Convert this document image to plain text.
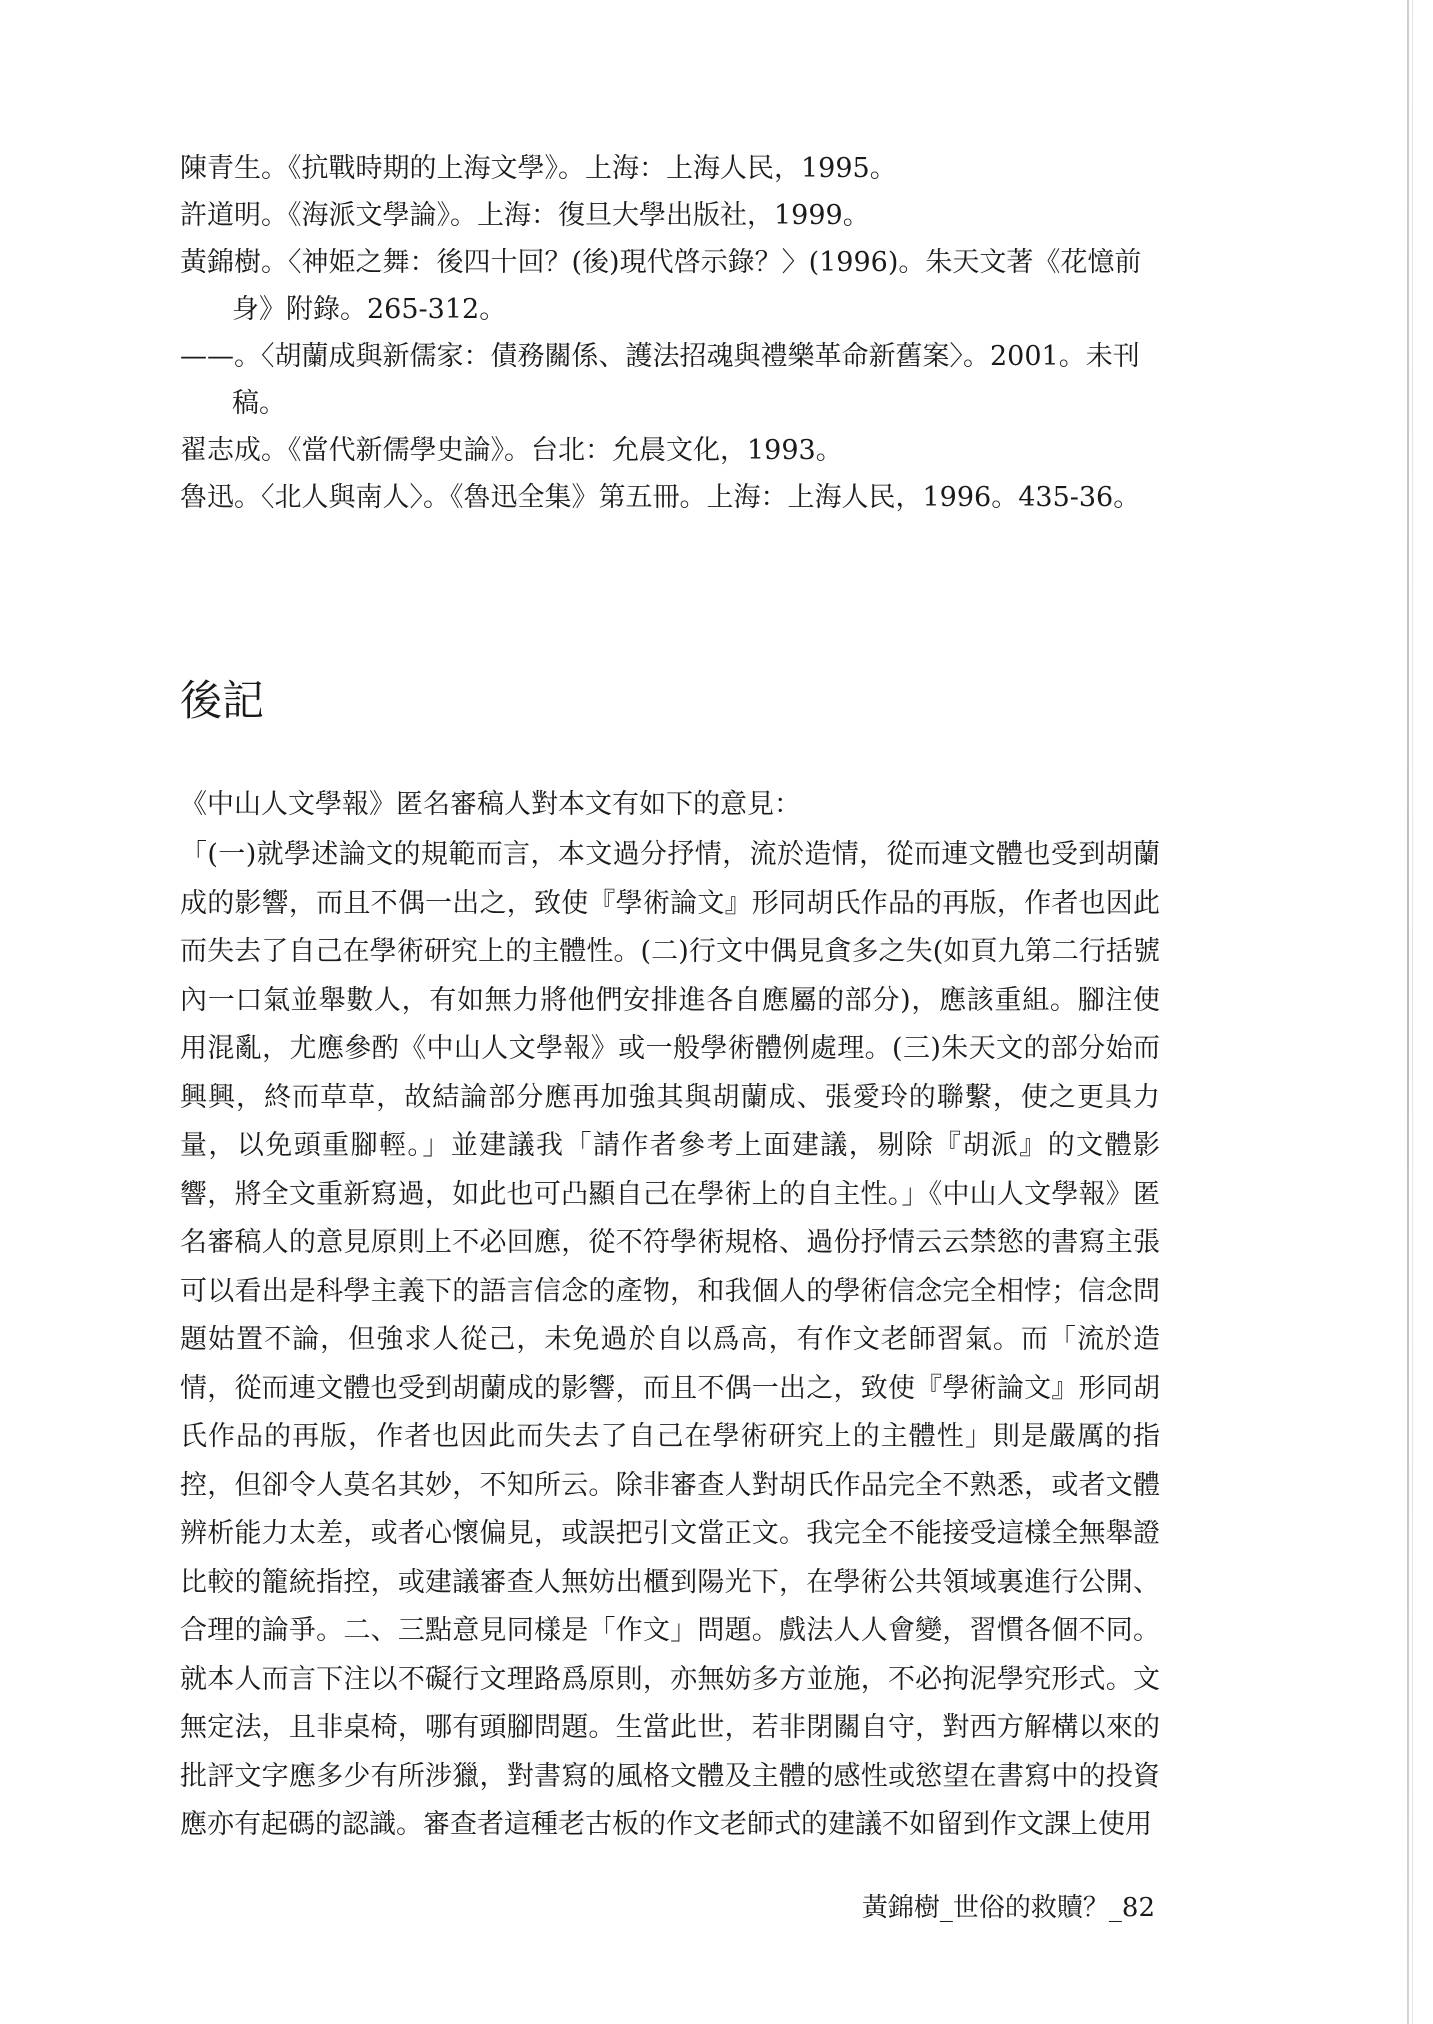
陳青生。《抗戰時期的上海文學》。上海：上海人民，1995。

許道明。《海派文學論》。上海：復旦大學出版社，1999。

黃錦樹。〈神姫之舞：後四十回？(後)現代啓示錄？〉(1996)。朱天文著《花憶前身》附錄。265-312。

——。〈胡蘭成與新儒家：債務關係、護法招魂與禮樂革命新舊案〉。2001。未刊稿。

翟志成。《當代新儒學史論》。台北：允晨文化，1993。

魯迅。〈北人與南人〉。《魯迅全集》第五冊。上海：上海人民，1996。435-36。

後記

《中山人文學報》匿名審稿人對本文有如下的意見：

「(一)就學述論文的規範而言，本文過分抒情，流於造情，從而連文體也受到胡蘭成的影響，而且不偶一出之，致使『學術論文』形同胡氏作品的再版，作者也因此而失去了自己在學術研究上的主體性。(二)行文中偶見貪多之失(如頁九第二行括號內一口氣並舉數人，有如無力將他們安排進各自應屬的部分)，應該重組。腳注使用混亂，尤應參酌《中山人文學報》或一般學術體例處理。(三)朱天文的部分始而興興，終而草草，故結論部分應再加強其與胡蘭成、張愛玲的聯繫，使之更具力量，以免頭重腳輕。」並建議我「請作者參考上面建議，剔除『胡派』的文體影響，將全文重新寫過，如此也可凸顯自己在學術上的自主性。」《中山人文學報》匿名審稿人的意見原則上不必回應，從不符學術規格、過份抒情云云禁慾的書寫主張可以看出是科學主義下的語言信念的產物，和我個人的學術信念完全相悖；信念問題姑置不論，但強求人從己，未免過於自以爲高，有作文老師習氣。而「流於造情，從而連文體也受到胡蘭成的影響，而且不偶一出之，致使『學術論文』形同胡氏作品的再版，作者也因此而失去了自己在學術研究上的主體性」則是嚴厲的指控，但卻令人莫名其妙，不知所云。除非審查人對胡氏作品完全不熟悉，或者文體辨析能力太差，或者心懷偏見，或誤把引文當正文。我完全不能接受這樣全無舉證比較的籠統指控，或建議審查人無妨出櫃到陽光下，在學術公共領域裏進行公開、合理的論爭。二、三點意見同樣是「作文」問題。戲法人人會變，習慣各個不同。就本人而言下注以不礙行文理路爲原則，亦無妨多方並施，不必拘泥學究形式。文無定法，且非桌椅，哪有頭腳問題。生當此世，若非閉關自守，對西方解構以來的批評文字應多少有所涉獵，對書寫的風格文體及主體的感性或慾望在書寫中的投資應亦有起碼的認識。審查者這種老古板的作文老師式的建議不如留到作文課上使用

黃錦樹_世俗的救贖？_82
